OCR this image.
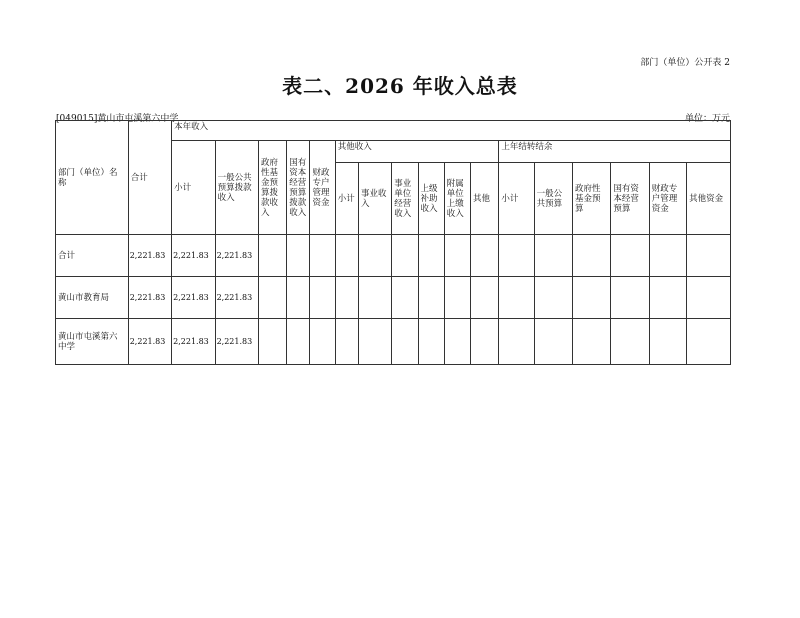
部门（单位）公开表 2
表二、2026 年收入总表
[049015]黄山市屯溪第六中学	单位：万元
部门（单位）名称	合计	本年收入																
		小计	一般公共预算拨款收入	政府性基金预算拨款收入	国有资本经营预算拨款收入	财政专户管理资金	其他收入						上年结转结余					
							小计	事业收入	事业单位经营收入	上级补助收入	附属单位上缴收入	其他	小计	一般公共预算	政府性基金预算	国有资本经营预算	财政专户管理资金	其他资金
合计	2,221.83	2,221.83	2,221.83															
黄山市教育局	2,221.83	2,221.83	2,221.83															
黄山市屯溪第六中学	2,221.83	2,221.83	2,221.83															
